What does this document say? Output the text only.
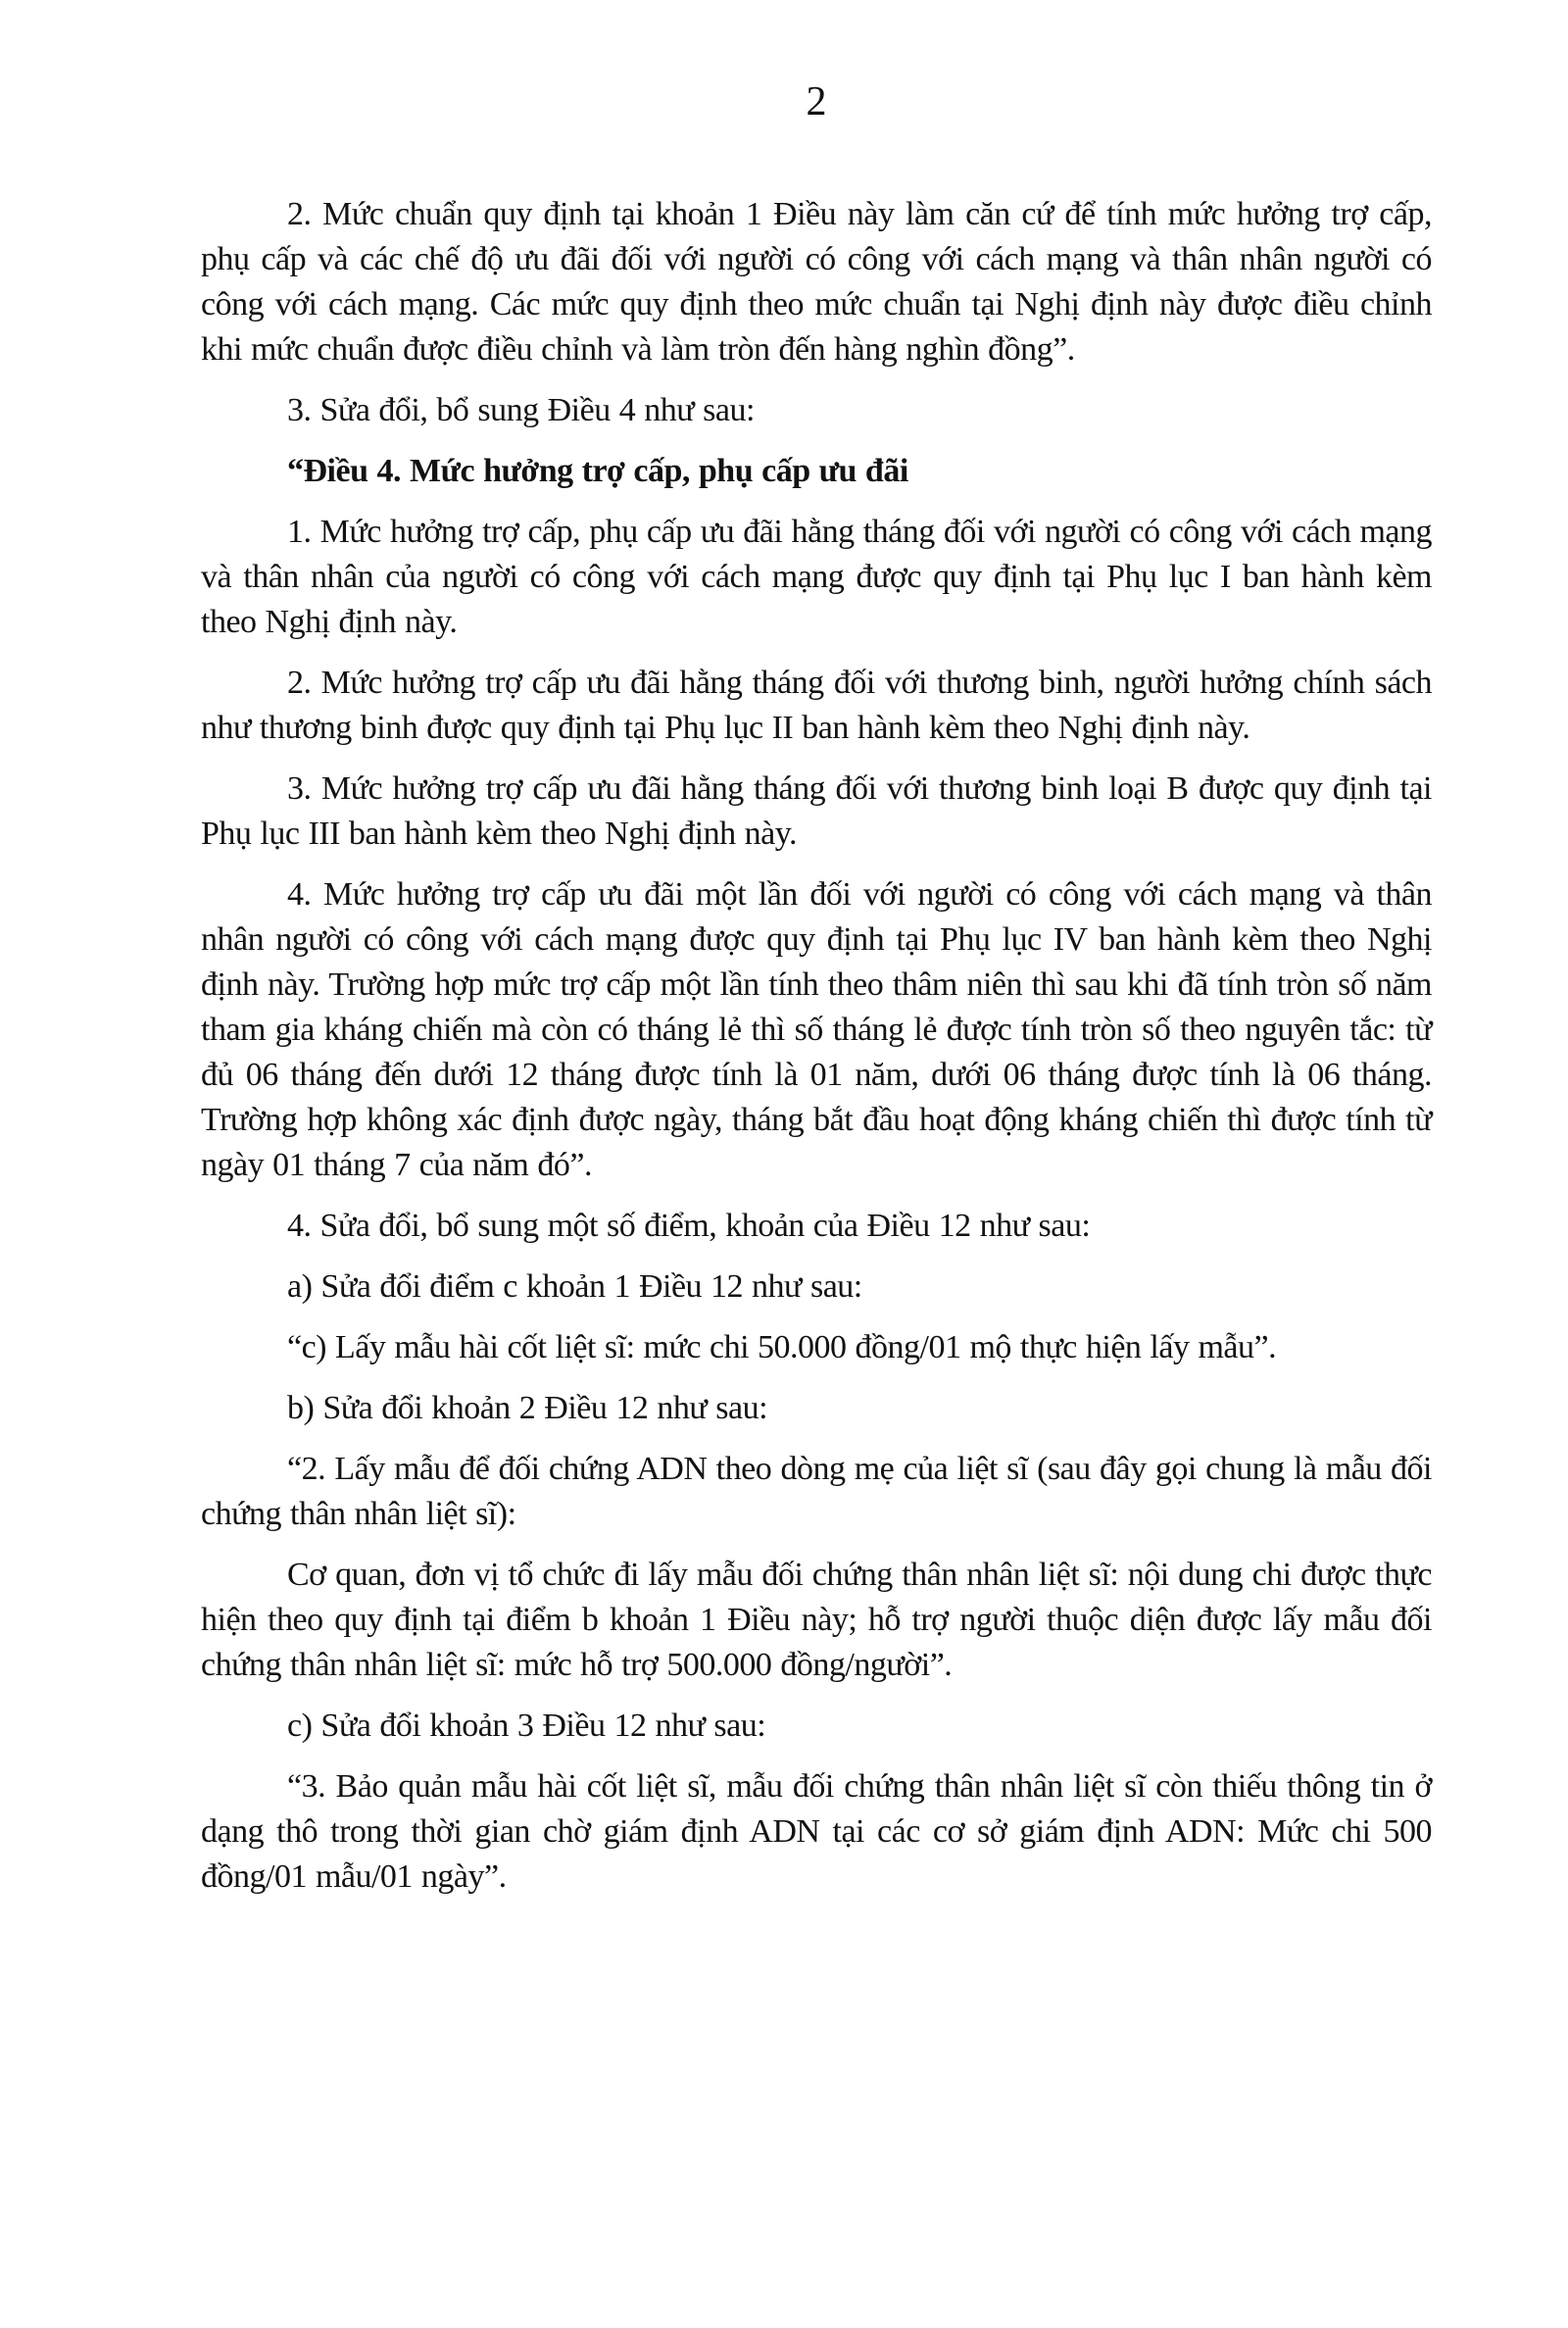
2

2. Mức chuẩn quy định tại khoản 1 Điều này làm căn cứ để tính mức hưởng trợ cấp, phụ cấp và các chế độ ưu đãi đối với người có công với cách mạng và thân nhân người có công với cách mạng. Các mức quy định theo mức chuẩn tại Nghị định này được điều chỉnh khi mức chuẩn được điều chỉnh và làm tròn đến hàng nghìn đồng”.

3. Sửa đổi, bổ sung Điều 4 như sau:

“Điều 4. Mức hưởng trợ cấp, phụ cấp ưu đãi

1. Mức hưởng trợ cấp, phụ cấp ưu đãi hằng tháng đối với người có công với cách mạng và thân nhân của người có công với cách mạng được quy định tại Phụ lục I ban hành kèm theo Nghị định này.

2. Mức hưởng trợ cấp ưu đãi hằng tháng đối với thương binh, người hưởng chính sách như thương binh được quy định tại Phụ lục II ban hành kèm theo Nghị định này.

3. Mức hưởng trợ cấp ưu đãi hằng tháng đối với thương binh loại B được quy định tại Phụ lục III ban hành kèm theo Nghị định này.

4. Mức hưởng trợ cấp ưu đãi một lần đối với người có công với cách mạng và thân nhân người có công với cách mạng được quy định tại Phụ lục IV ban hành kèm theo Nghị định này. Trường hợp mức trợ cấp một lần tính theo thâm niên thì sau khi đã tính tròn số năm tham gia kháng chiến mà còn có tháng lẻ thì số tháng lẻ được tính tròn số theo nguyên tắc: từ đủ 06 tháng đến dưới 12 tháng được tính là 01 năm, dưới 06 tháng được tính là 06 tháng. Trường hợp không xác định được ngày, tháng bắt đầu hoạt động kháng chiến thì được tính từ ngày 01 tháng 7 của năm đó”.

4. Sửa đổi, bổ sung một số điểm, khoản của Điều 12 như sau:

a) Sửa đổi điểm c khoản 1 Điều 12 như sau:

“c) Lấy mẫu hài cốt liệt sĩ: mức chi 50.000 đồng/01 mộ thực hiện lấy mẫu”.

b) Sửa đổi khoản 2 Điều 12 như sau:

“2. Lấy mẫu để đối chứng ADN theo dòng mẹ của liệt sĩ (sau đây gọi chung là mẫu đối chứng thân nhân liệt sĩ):

Cơ quan, đơn vị tổ chức đi lấy mẫu đối chứng thân nhân liệt sĩ: nội dung chi được thực hiện theo quy định tại điểm b khoản 1 Điều này; hỗ trợ người thuộc diện được lấy mẫu đối chứng thân nhân liệt sĩ: mức hỗ trợ 500.000 đồng/người”.

c) Sửa đổi khoản 3 Điều 12 như sau:

“3. Bảo quản mẫu hài cốt liệt sĩ, mẫu đối chứng thân nhân liệt sĩ còn thiếu thông tin ở dạng thô trong thời gian chờ giám định ADN tại các cơ sở giám định ADN: Mức chi 500 đồng/01 mẫu/01 ngày”.
